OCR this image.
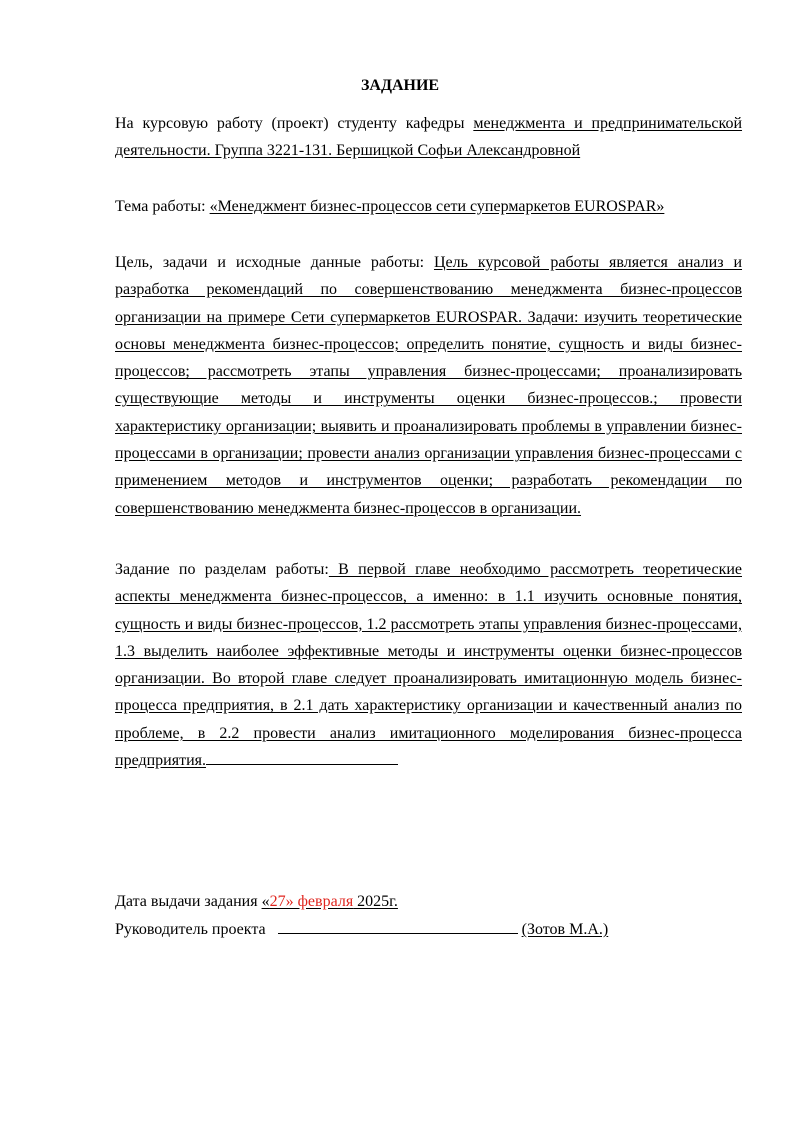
ЗАДАНИЕ
На курсовую работу (проект) студенту кафедры менеджмента и предпринимательской деятельности. Группа 3221-131. Бершицкой Софьи Александровной
Тема работы: «Менеджмент бизнес-процессов сети супермаркетов EUROSPAR»
Цель, задачи и исходные данные работы: Цель курсовой работы является анализ и разработка рекомендаций по совершенствованию менеджмента бизнес-процессов организации на примере Сети супермаркетов EUROSPAR. Задачи: изучить теоретические основы менеджмента бизнес-процессов; определить понятие, сущность и виды бизнес-процессов; рассмотреть этапы управления бизнес-процессами; проанализировать существующие методы и инструменты оценки бизнес-процессов.; провести характеристику организации; выявить и проанализировать проблемы в управлении бизнес-процессами в организации; провести анализ организации управления бизнес-процессами с применением методов и инструментов оценки; разработать рекомендации по совершенствованию менеджмента бизнес-процессов в организации.
Задание по разделам работы: В первой главе необходимо рассмотреть теоретические аспекты менеджмента бизнес-процессов, а именно: в 1.1 изучить основные понятия, сущность и виды бизнес-процессов, 1.2 рассмотреть этапы управления бизнес-процессами, 1.3 выделить наиболее эффективные методы и инструменты оценки бизнес-процессов организации. Во второй главе следует проанализировать имитационную модель бизнес-процесса предприятия, в 2.1 дать характеристику организации и качественный анализ по проблеме, в 2.2 провести анализ имитационного моделирования бизнес-процесса предприятия.
Дата выдачи задания «27» февраля 2025г.
Руководитель проекта	(Зотов М.А.)
